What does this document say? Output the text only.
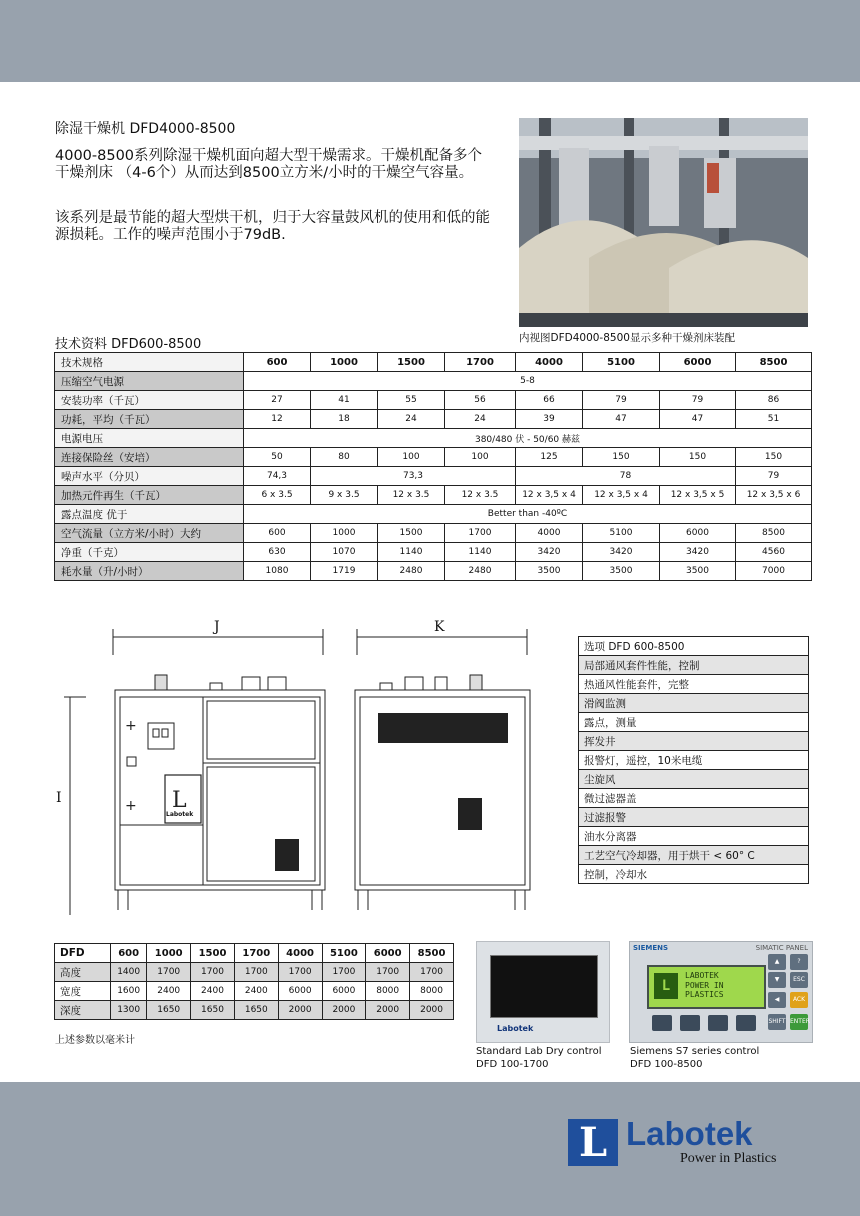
除湿干燥机 DFD4000-8500
4000-8500系列除湿干燥机面向超大型干燥需求。干燥机配备多个干燥剂床 （4-6个）从而达到8500立方米/小时的干燥空气容量。
该系列是最节能的超大型烘干机，归于大容量鼓风机的使用和低的能源损耗。工作的噪声范围小于79dB.
内视图DFD4000-8500显示多种干燥剂床装配
技术资料 DFD600-8500
技术规格	600	1000	1500	1700	4000	5100	6000	8500
压缩空气电源	5-8							
安装功率（千瓦）	27	41	55	56	66	79	79	86
功耗，平均（千瓦）	12	18	24	24	39	47	47	51
电源电压	380/480 伏 - 50/60 赫兹							
连接保险丝（安培）	50	80	100	100	125	150	150	150
噪声水平（分贝）	74,3	73,3			78			79
加热元件再生（千瓦）	6 x 3.5	9 x 3.5	12 x 3.5	12 x 3.5	12 x 3,5 x 4	12 x 3,5 x 4	12 x 3,5 x 5	12 x 3,5 x 6
露点温度 优于	Better than -40ºC							
空气流量（立方米/小时）大约	600	1000	1500	1700	4000	5100	6000	8500
净重（千克）	630	1070	1140	1140	3420	3420	3420	4560
耗水量（升/小时）	1080	1719	2480	2480	3500	3500	3500	7000
+
+ L
J	K
I
Labotek
选项 DFD 600-8500
局部通风套件性能，控制
热通风性能套件，完整
滑阀监测
露点，测量
挥发井
报警灯，遥控，10米电缆
尘旋风
微过滤器盖
过滤报警
油水分离器
工艺空气冷却器，用于烘干 < 60° C
控制，冷却水
DFD	600	1000	1500	1700	4000	5100	6000	8500
高度	1400	1700	1700	1700	1700	1700	1700	1700
宽度	1600	2400	2400	2400	6000	6000	8000	8000
深度	1300	1650	1650	1650	2000	2000	2000	2000
上述参数以毫米计
Labotek
Standard Lab Dry control
DFD 100-1700
SIEMENS	SIMATIC PANEL
L
LABOTEK
POWER IN
PLASTICS
▲	?
▼	ESC
◀	ACK
SHIFT ENTER
Siemens S7 series control
DFD 100-8500
L Labotek
Power in Plastics
